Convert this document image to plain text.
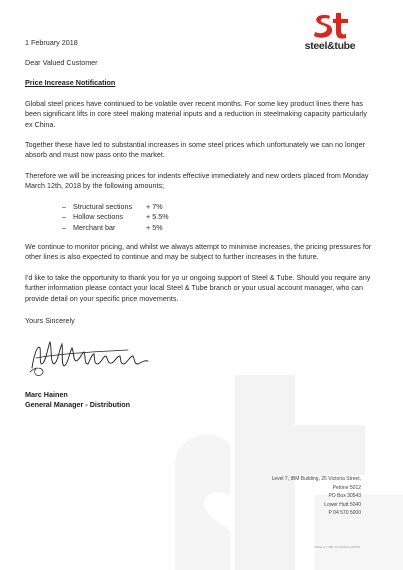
steel&tube
1 February 2018
Dear Valued Customer
Price Increase Notification
Global steel prices have continued to be volatile over recent months. For some key product lines there has been significant lifts in core steel making material inputs and a reduction in steelmaking capacity particularly ex China.
Together these have led to substantial increases in some steel prices which unfortunately we can no longer absorb and must now pass onto the market.
Therefore we will be increasing prices for indents effective immediately and new orders placed from Monday March 12th, 2018 by the following amounts;
– Structural sections	+ 7%
– Hollow sections	+ 5.5%
– Merchant bar	+ 5%
We continue to monitor pricing, and whilst we always attempt to minimise increases, the pricing pressures for other lines is also expected to continue and may be subject to further increases in the future.
I'd like to take the opportunity to thank you for yo ur ongoing support of Steel & Tube. Should you require any further information please contact your local Steel & Tube branch or your usual account manager, who can provide detail on your specific price movements.
Yours Sincerely
Marc Hainen
General Manager - Distribution
Level 7, IBM Building, 25 Victoria Street,
Petone 5012
PO Box 30543
Lower Hutt 5040
P 04 570 5000
STEEL & TUBE HOLDINGS LIMITED
